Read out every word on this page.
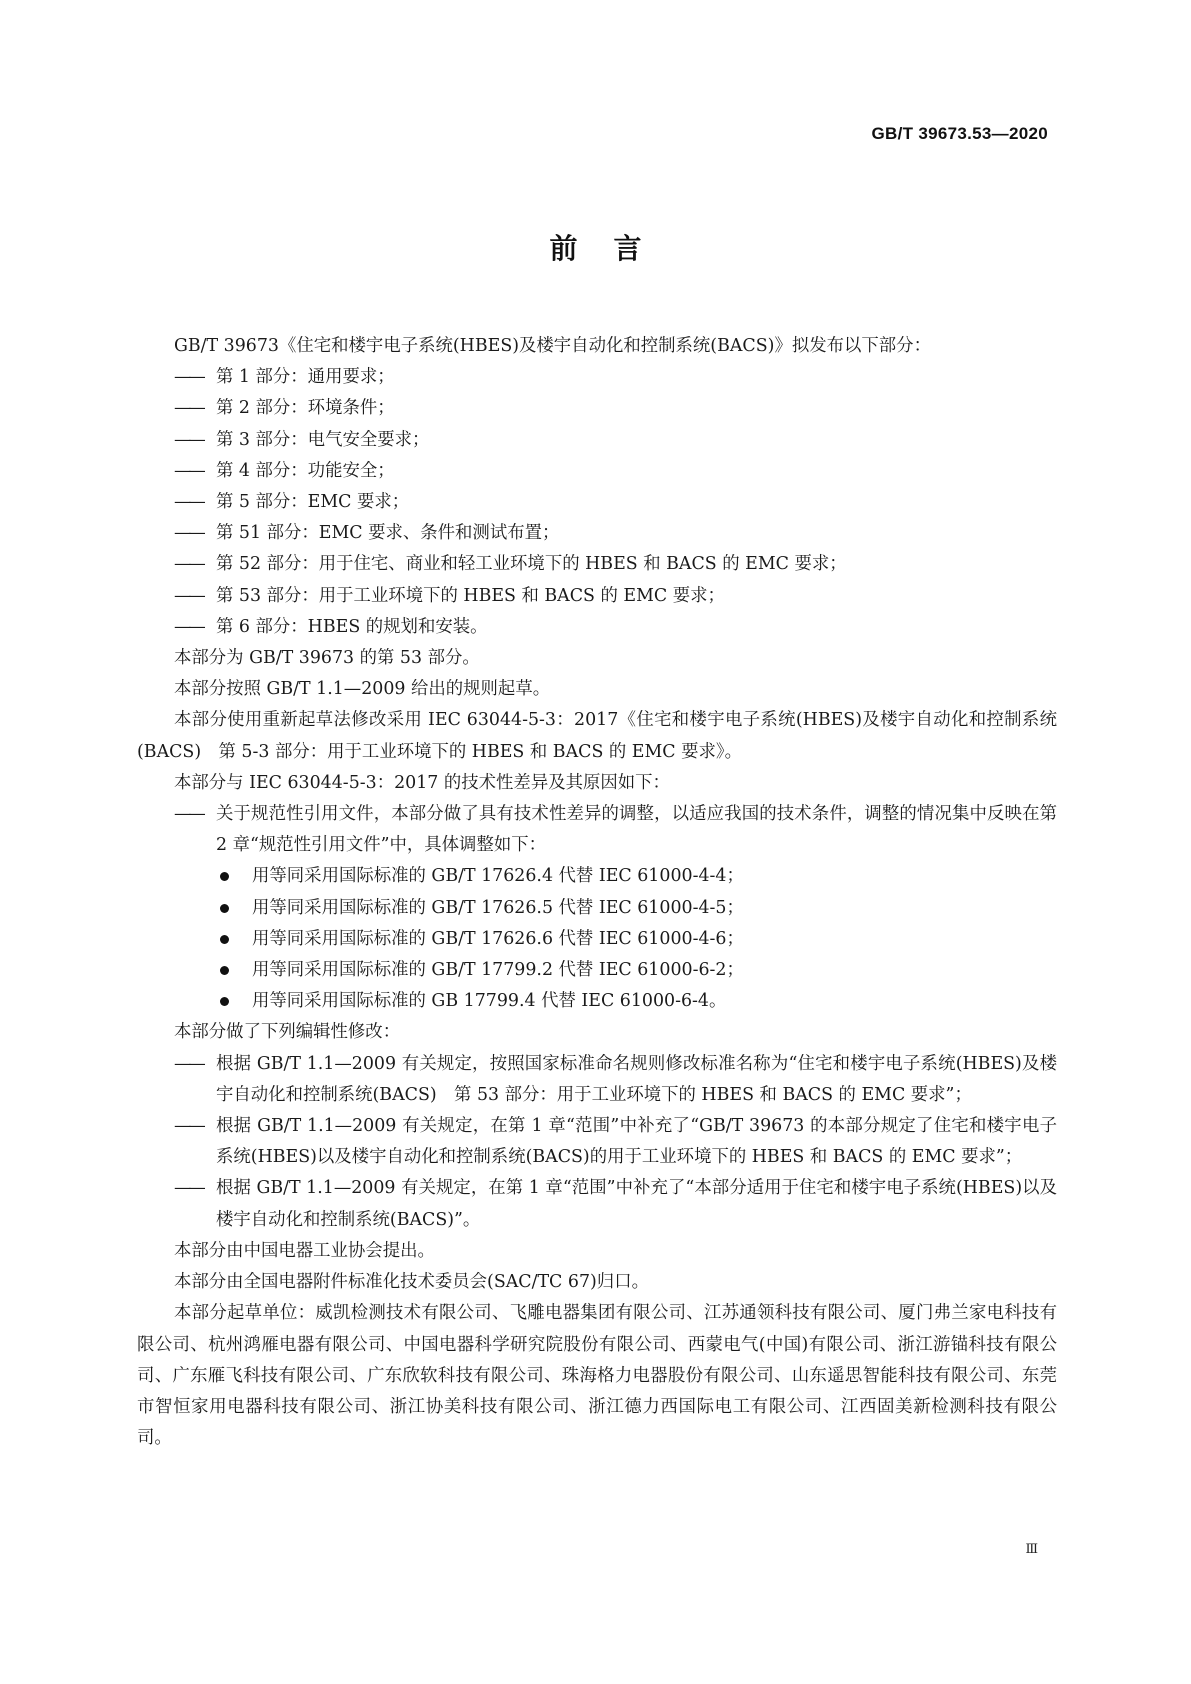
GB/T 39673.53—2020
前言

GB/T 39673《住宅和楼宇电子系统(HBES)及楼宇自动化和控制系统(BACS)》拟发布以下部分：

—— 第 1 部分：通用要求；

—— 第 2 部分：环境条件；

—— 第 3 部分：电气安全要求；

—— 第 4 部分：功能安全；

—— 第 5 部分：EMC 要求；

—— 第 51 部分：EMC 要求、条件和测试布置；

—— 第 52 部分：用于住宅、商业和轻工业环境下的 HBES 和 BACS 的 EMC 要求；

—— 第 53 部分：用于工业环境下的 HBES 和 BACS 的 EMC 要求；

—— 第 6 部分：HBES 的规划和安装。

本部分为 GB/T 39673 的第 53 部分。

本部分按照 GB/T 1.1—2009 给出的规则起草。

本部分使用重新起草法修改采用 IEC 63044-5-3：2017《住宅和楼宇电子系统(HBES)及楼宇自动化和控制系统(BACS)　第 5-3 部分：用于工业环境下的 HBES 和 BACS 的 EMC 要求》。

本部分与 IEC 63044-5-3：2017 的技术性差异及其原因如下：

—— 关于规范性引用文件，本部分做了具有技术性差异的调整，以适应我国的技术条件，调整的情况集中反映在第 2 章“规范性引用文件”中，具体调整如下：

用等同采用国际标准的 GB/T 17626.4 代替 IEC 61000-4-4；

用等同采用国际标准的 GB/T 17626.5 代替 IEC 61000-4-5；

用等同采用国际标准的 GB/T 17626.6 代替 IEC 61000-4-6；

用等同采用国际标准的 GB/T 17799.2 代替 IEC 61000-6-2；

用等同采用国际标准的 GB 17799.4 代替 IEC 61000-6-4。

本部分做了下列编辑性修改：

—— 根据 GB/T 1.1—2009 有关规定，按照国家标准命名规则修改标准名称为“住宅和楼宇电子系统(HBES)及楼宇自动化和控制系统(BACS)　第 53 部分：用于工业环境下的 HBES 和 BACS 的 EMC 要求”；

—— 根据 GB/T 1.1—2009 有关规定，在第 1 章“范围”中补充了“GB/T 39673 的本部分规定了住宅和楼宇电子系统(HBES)以及楼宇自动化和控制系统(BACS)的用于工业环境下的 HBES 和 BACS 的 EMC 要求”；

—— 根据 GB/T 1.1—2009 有关规定，在第 1 章“范围”中补充了“本部分适用于住宅和楼宇电子系统(HBES)以及楼宇自动化和控制系统(BACS)”。

本部分由中国电器工业协会提出。

本部分由全国电器附件标准化技术委员会(SAC/TC 67)归口。

本部分起草单位：威凯检测技术有限公司、飞雕电器集团有限公司、江苏通领科技有限公司、厦门弗兰家电科技有限公司、杭州鸿雁电器有限公司、中国电器科学研究院股份有限公司、西蒙电气(中国)有限公司、浙江游锚科技有限公司、广东雁飞科技有限公司、广东欣软科技有限公司、珠海格力电器股份有限公司、山东遥思智能科技有限公司、东莞市智恒家用电器科技有限公司、浙江协美科技有限公司、浙江德力西国际电工有限公司、江西固美新检测科技有限公司。

Ⅲ
